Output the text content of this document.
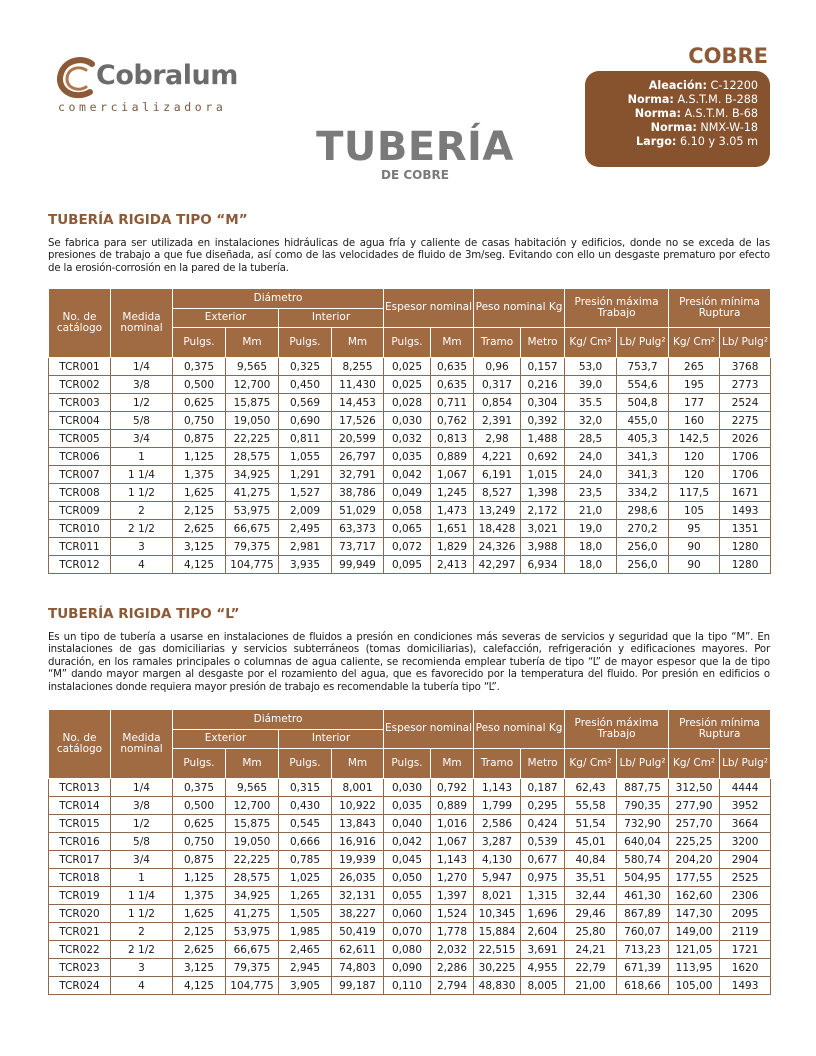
Cobralum
comercializadora
TUBERÍA
DE COBRE
COBRE
Aleación: C-12200
Norma: A.S.T.M. B-288
Norma: A.S.T.M. B-68
Norma: NMX-W-18
Largo: 6.10 y 3.05 m
TUBERÍA RIGIDA TIPO “M”
Se fabrica para ser utilizada en instalaciones hidráulicas de agua fría y caliente de casas habitación y edificios, donde no se exceda de las presiones de trabajo a que fue diseñada, así como de las velocidades de fluido de 3m/seg. Evitando con ello un desgaste prematuro por efecto de la erosión-corrosión en la pared de la tubería.
No. de catálogo	Medida nominal	Diámetro				Espesor nominal		Peso nominal Kg		Presión máxima Trabajo		Presión mínima Ruptura	
		Exterior		Interior									
		Pulgs.	Mm	Pulgs.	Mm	Pulgs.	Mm	Tramo	Metro	Kg/ Cm²	Lb/ Pulg²	Kg/ Cm²	Lb/ Pulg²
TCR001	1/4	0,375	9,565	0,325	8,255	0,025	0,635	0,96	0,157	53,0	753,7	265	3768
TCR002	3/8	0,500	12,700	0,450	11,430	0,025	0,635	0,317	0,216	39,0	554,6	195	2773
TCR003	1/2	0,625	15,875	0,569	14,453	0,028	0,711	0,854	0,304	35.5	504,8	177	2524
TCR004	5/8	0,750	19,050	0,690	17,526	0,030	0,762	2,391	0,392	32,0	455,0	160	2275
TCR005	3/4	0,875	22,225	0,811	20,599	0,032	0,813	2,98	1,488	28,5	405,3	142,5	2026
TCR006	1	1,125	28,575	1,055	26,797	0,035	0,889	4,221	0,692	24,0	341,3	120	1706
TCR007	1 1/4	1,375	34,925	1,291	32,791	0,042	1,067	6,191	1,015	24,0	341,3	120	1706
TCR008	1 1/2	1,625	41,275	1,527	38,786	0,049	1,245	8,527	1,398	23,5	334,2	117,5	1671
TCR009	2	2,125	53,975	2,009	51,029	0,058	1,473	13,249	2,172	21,0	298,6	105	1493
TCR010	2 1/2	2,625	66,675	2,495	63,373	0,065	1,651	18,428	3,021	19,0	270,2	95	1351
TCR011	3	3,125	79,375	2,981	73,717	0,072	1,829	24,326	3,988	18,0	256,0	90	1280
TCR012	4	4,125	104,775	3,935	99,949	0,095	2,413	42,297	6,934	18,0	256,0	90	1280
TUBERÍA RIGIDA TIPO “L”
Es un tipo de tubería a usarse en instalaciones de fluidos a presión en condiciones más severas de servicios y seguridad que la tipo “M”. En instalaciones de gas domiciliarias y servicios subterráneos (tomas domiciliarias), calefacción, refrigeración y edificaciones mayores. Por duración, en los ramales principales o columnas de agua caliente, se recomienda emplear tubería de tipo “L” de mayor espesor que la de tipo “M” dando mayor margen al desgaste por el rozamiento del agua, que es favorecido por la temperatura del fluido. Por presión en edificios o instalaciones donde requiera mayor presión de trabajo es recomendable la tubería tipo “L”.
No. de catálogo	Medida nominal	Diámetro				Espesor nominal		Peso nominal Kg		Presión máxima Trabajo		Presión mínima Ruptura	
		Exterior		Interior									
		Pulgs.	Mm	Pulgs.	Mm	Pulgs.	Mm	Tramo	Metro	Kg/ Cm²	Lb/ Pulg²	Kg/ Cm²	Lb/ Pulg²
TCR013	1/4	0,375	9,565	0,315	8,001	0,030	0,792	1,143	0,187	62,43	887,75	312,50	4444
TCR014	3/8	0,500	12,700	0,430	10,922	0,035	0,889	1,799	0,295	55,58	790,35	277,90	3952
TCR015	1/2	0,625	15,875	0,545	13,843	0,040	1,016	2,586	0,424	51,54	732,90	257,70	3664
TCR016	5/8	0,750	19,050	0,666	16,916	0,042	1,067	3,287	0,539	45,01	640,04	225,25	3200
TCR017	3/4	0,875	22,225	0,785	19,939	0,045	1,143	4,130	0,677	40,84	580,74	204,20	2904
TCR018	1	1,125	28,575	1,025	26,035	0,050	1,270	5,947	0,975	35,51	504,95	177,55	2525
TCR019	1 1/4	1,375	34,925	1,265	32,131	0,055	1,397	8,021	1,315	32,44	461,30	162,60	2306
TCR020	1 1/2	1,625	41,275	1,505	38,227	0,060	1,524	10,345	1,696	29,46	867,89	147,30	2095
TCR021	2	2,125	53,975	1,985	50,419	0,070	1,778	15,884	2,604	25,80	760,07	149,00	2119
TCR022	2 1/2	2,625	66,675	2,465	62,611	0,080	2,032	22,515	3,691	24,21	713,23	121,05	1721
TCR023	3	3,125	79,375	2,945	74,803	0,090	2,286	30,225	4,955	22,79	671,39	113,95	1620
TCR024	4	4,125	104,775	3,905	99,187	0,110	2,794	48,830	8,005	21,00	618,66	105,00	1493
